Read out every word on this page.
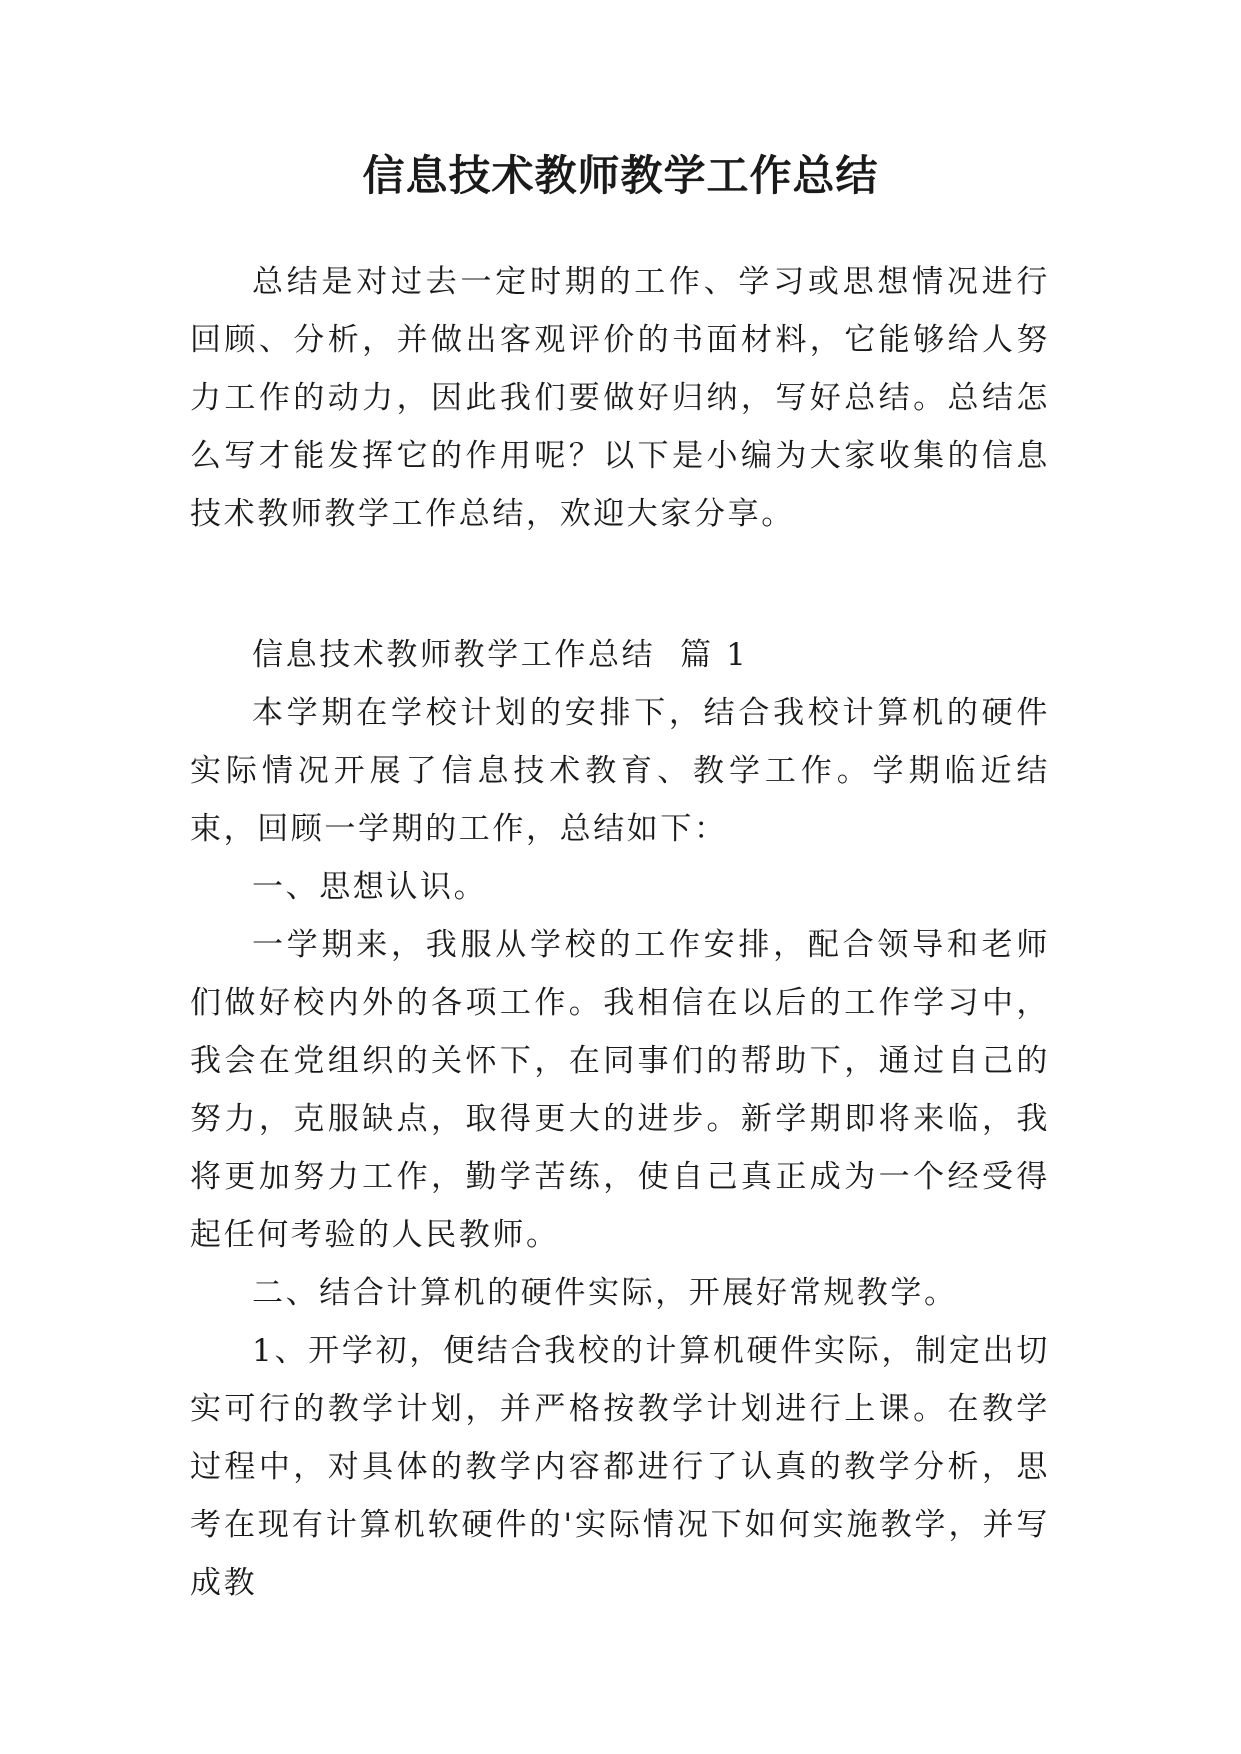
信息技术教师教学工作总结

总结是对过去一定时期的工作、学习或思想情况进行回顾、分析，并做出客观评价的书面材料，它能够给人努力工作的动力，因此我们要做好归纳，写好总结。总结怎么写才能发挥它的作用呢？以下是小编为大家收集的信息技术教师教学工作总结，欢迎大家分享。

信息技术教师教学工作总结  篇 1

本学期在学校计划的安排下，结合我校计算机的硬件实际情况开展了信息技术教育、教学工作。学期临近结束，回顾一学期的工作，总结如下：

一、思想认识。

一学期来，我服从学校的工作安排，配合领导和老师们做好校内外的各项工作。我相信在以后的工作学习中，我会在党组织的关怀下，在同事们的帮助下，通过自己的努力，克服缺点，取得更大的进步。新学期即将来临，我将更加努力工作，勤学苦练，使自己真正成为一个经受得起任何考验的人民教师。

二、结合计算机的硬件实际，开展好常规教学。

1、开学初，便结合我校的计算机硬件实际，制定出切实可行的教学计划，并严格按教学计划进行上课。在教学过程中，对具体的教学内容都进行了认真的教学分析，思考在现有计算机软硬件的'实际情况下如何实施教学，并写成教
